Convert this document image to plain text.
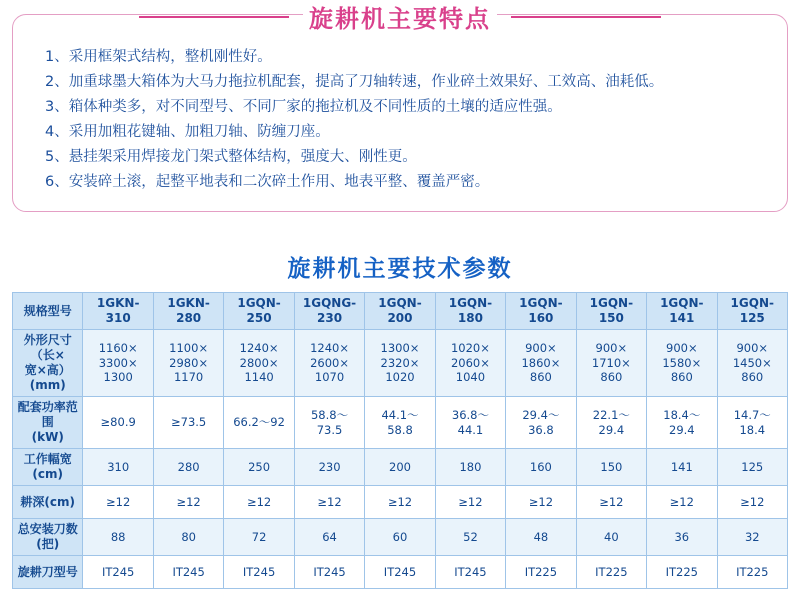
旋耕机主要特点
1、采用框架式结构，整机刚性好。
2、加重球墨大箱体为大马力拖拉机配套，提高了刀轴转速，作业碎土效果好、工效高、油耗低。
3、箱体种类多，对不同型号、不同厂家的拖拉机及不同性质的土壤的适应性强。
4、采用加粗花键轴、加粗刀轴、防缠刀座。
5、悬挂架采用焊接龙门架式整体结构，强度大、刚性更。
6、安装碎土滚，起整平地表和二次碎土作用、地表平整、覆盖严密。
旋耕机主要技术参数
规格型号	1GKN-310	1GKN-280	1GQN-250	1GQNG-230	1GQN-200	1GQN-180	1GQN-160	1GQN-150	1GQN-141	1GQN-125

外形尺寸（长×
宽×高）(mm)	1160×
3300×
1300	1100×
2980×
1170	1240×
2800×
1140	1240×
2600×
1070	1300×
2320×
1020	1020×
2060×
1040	900×
1860×
860	900×
1710×
860	900×
1580×
860	900×
1450×
860

配套功率范围
(kW)	≥80.9	≥73.5	66.2～92	58.8～
73.5	44.1～
58.8	36.8～
44.1	29.4～
36.8	22.1～
29.4	18.4～
29.4	14.7～
18.4

工作幅宽(cm)	310	280	250	230	200	180	160	150	141	125

耕深(cm)	≥12	≥12	≥12	≥12	≥12	≥12	≥12	≥12	≥12	≥12

总安装刀数
(把)	88	80	72	64	60	52	48	40	36	32

旋耕刀型号	IT245	IT245	IT245	IT245	IT245	IT245	IT225	IT225	IT225	IT225
